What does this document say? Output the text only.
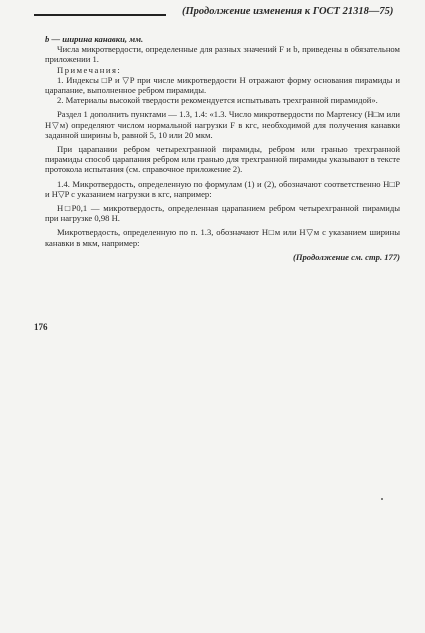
(Продолжение изменения к ГОСТ 21318—75)

b — ширина канавки, мм.

Числа микротвердости, определенные для разных значений F и b, приведены в обязательном приложении 1.

Примечания:

1. Индексы □P и ▽P при числе микротвердости H отражают форму основания пирамиды и царапание, выполненное ребром пирамиды.

2. Материалы высокой твердости рекомендуется испытывать трехгранной пирамидой».

Раздел 1 дополнить пунктами — 1.3, 1.4: «1.3. Число микротвердости по Мартенсу (H□м или H▽м) определяют числом нормальной нагрузки F в кгс, необходимой для получения канавки заданной ширины b, равной 5, 10 или 20 мкм.

При царапании ребром четырехгранной пирамиды, ребром или гранью трехгранной пирамиды способ царапания ребром или гранью для трехгранной пирамиды указывают в тексте протокола испытания (см. справочное приложение 2).

1.4. Микротвердость, определенную по формулам (1) и (2), обозначают соответственно H□P и H▽P с указанием нагрузки в кгс, например:

H□P0,1 — микротвердость, определенная царапанием ребром четырехгранной пирамиды при нагрузке 0,98 Н.

Микротвердость, определенную по п. 1.3, обозначают H□м или H▽м с указанием ширины канавки в мкм, например:

(Продолжение см. стр. 177)

176
